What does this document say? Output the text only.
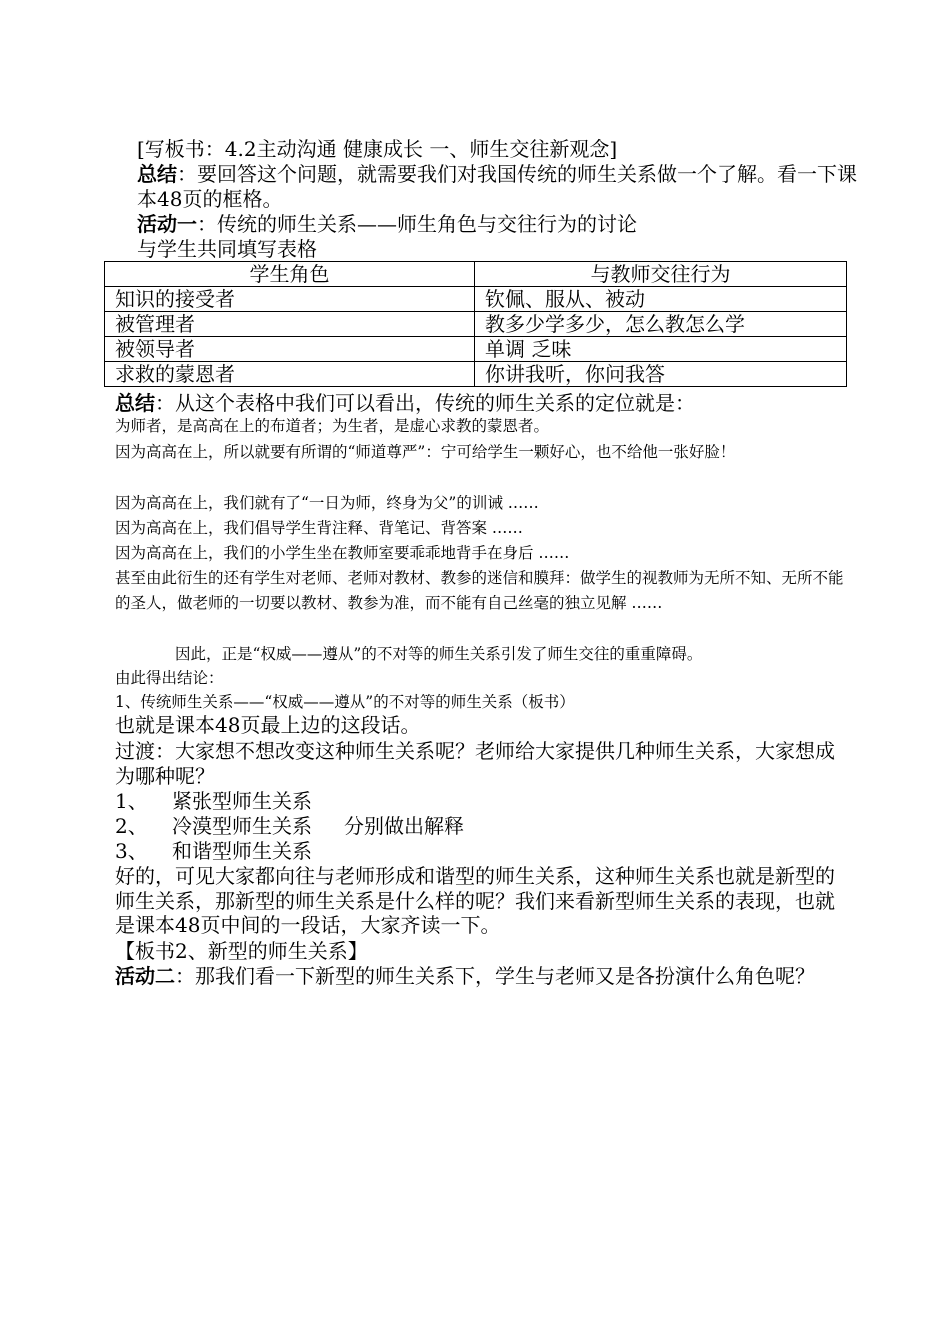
[写板书：4.2主动沟通 健康成长 一、师生交往新观念]
总结：要回答这个问题，就需要我们对我国传统的师生关系做一个了解。看一下课本48页的框格。
活动一：传统的师生关系——师生角色与交往行为的讨论
与学生共同填写表格
学生角色	与教师交往行为
知识的接受者	钦佩、服从、被动
被管理者	教多少学多少，怎么教怎么学
被领导者	单调 乏味
求救的蒙恩者	你讲我听，你问我答
总结：从这个表格中我们可以看出，传统的师生关系的定位就是：
为师者，是高高在上的布道者；为生者，是虚心求教的蒙恩者。
因为高高在上，所以就要有所谓的“师道尊严”：宁可给学生一颗好心，也不给他一张好脸！
因为高高在上，我们就有了“一日为师，终身为父”的训诫 ……
因为高高在上，我们倡导学生背注释、背笔记、背答案 ……
因为高高在上，我们的小学生坐在教师室要乖乖地背手在身后 ……
甚至由此衍生的还有学生对老师、老师对教材、教参的迷信和膜拜：做学生的视教师为无所不知、无所不能的圣人，做老师的一切要以教材、教参为准，而不能有自己丝毫的独立见解 ……
因此，正是“权威——遵从”的不对等的师生关系引发了师生交往的重重障碍。
由此得出结论：
1、传统师生关系——“权威——遵从”的不对等的师生关系（板书）
也就是课本48页最上边的这段话。
过渡：大家想不想改变这种师生关系呢？老师给大家提供几种师生关系，大家想成为哪种呢？
1、 紧张型师生关系
2、 冷漠型师生关系 分别做出解释
3、 和谐型师生关系
好的，可见大家都向往与老师形成和谐型的师生关系，这种师生关系也就是新型的师生关系，那新型的师生关系是什么样的呢？我们来看新型师生关系的表现，也就是课本48页中间的一段话，大家齐读一下。
【板书2、新型的师生关系】
活动二：那我们看一下新型的师生关系下，学生与老师又是各扮演什么角色呢？
